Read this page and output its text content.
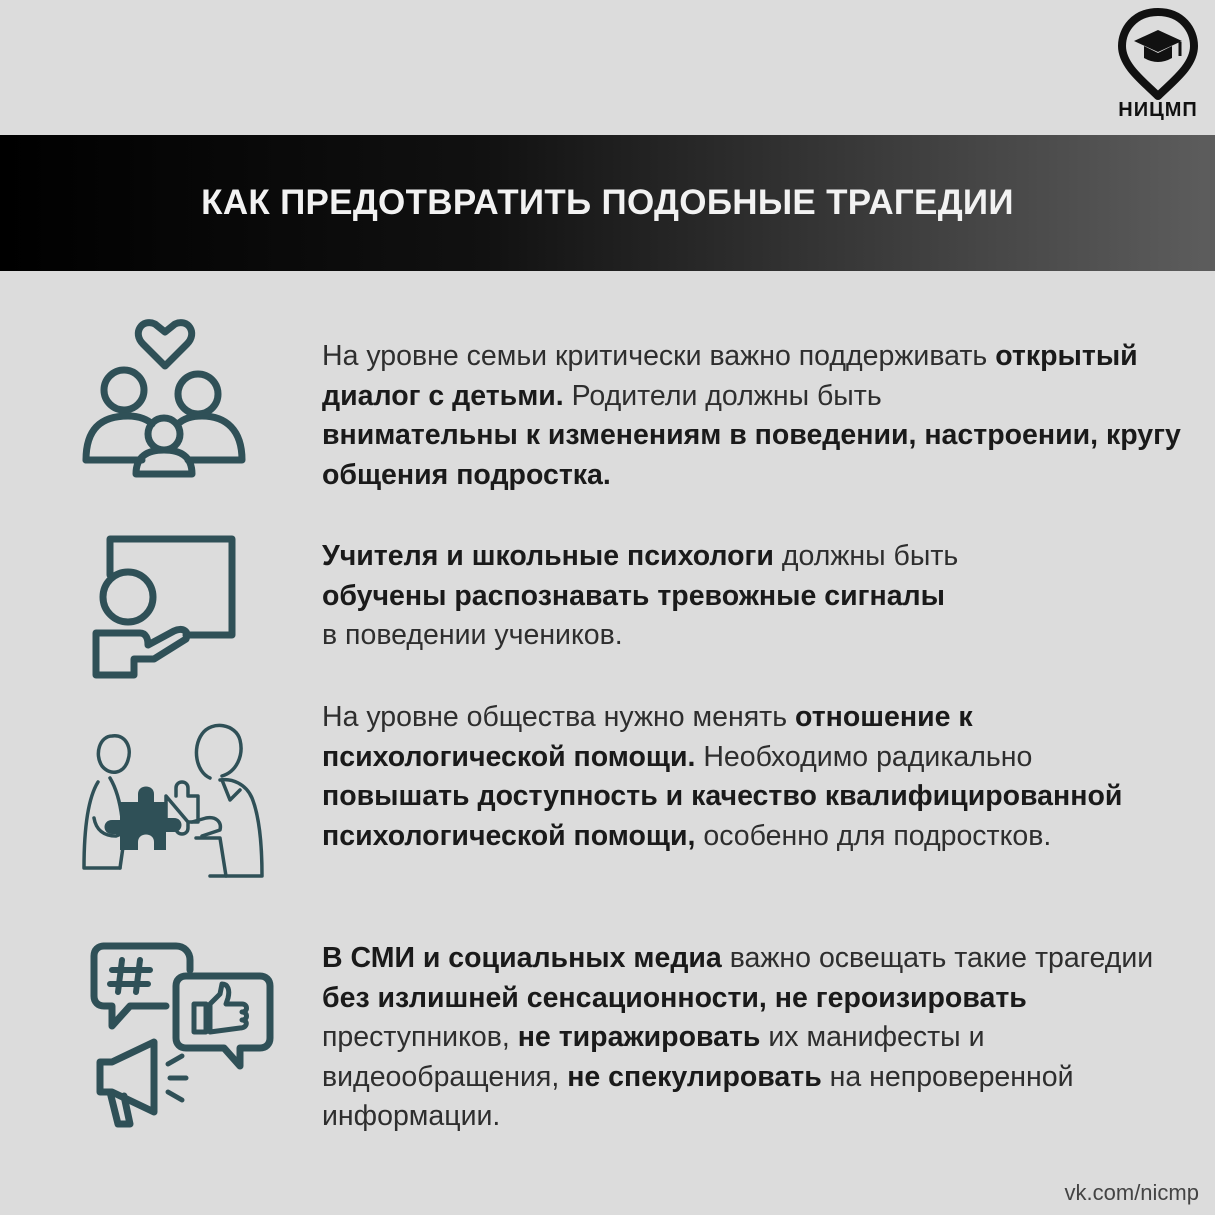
НИЦМП
КАК ПРЕДОТВРАТИТЬ ПОДОБНЫЕ ТРАГЕДИИ

На уровне семьи критически важно поддерживать открытый диалог с детьми. Родители должны быть
внимательны к изменениям в поведении, настроении, кругу общения подростка.

Учителя и школьные психологи должны быть
обучены распознавать тревожные сигналы
в поведении учеников.

На уровне общества нужно менять отношение к психологической помощи. Необходимо радикально повышать доступность и качество квалифицированной психологической помощи, особенно для подростков.

В СМИ и социальных медиа важно освещать такие трагедии без излишней сенсационности, не героизировать преступников, не тиражировать их манифесты и видеообращения, не спекулировать на непроверенной информации.

vk.com/nicmp
